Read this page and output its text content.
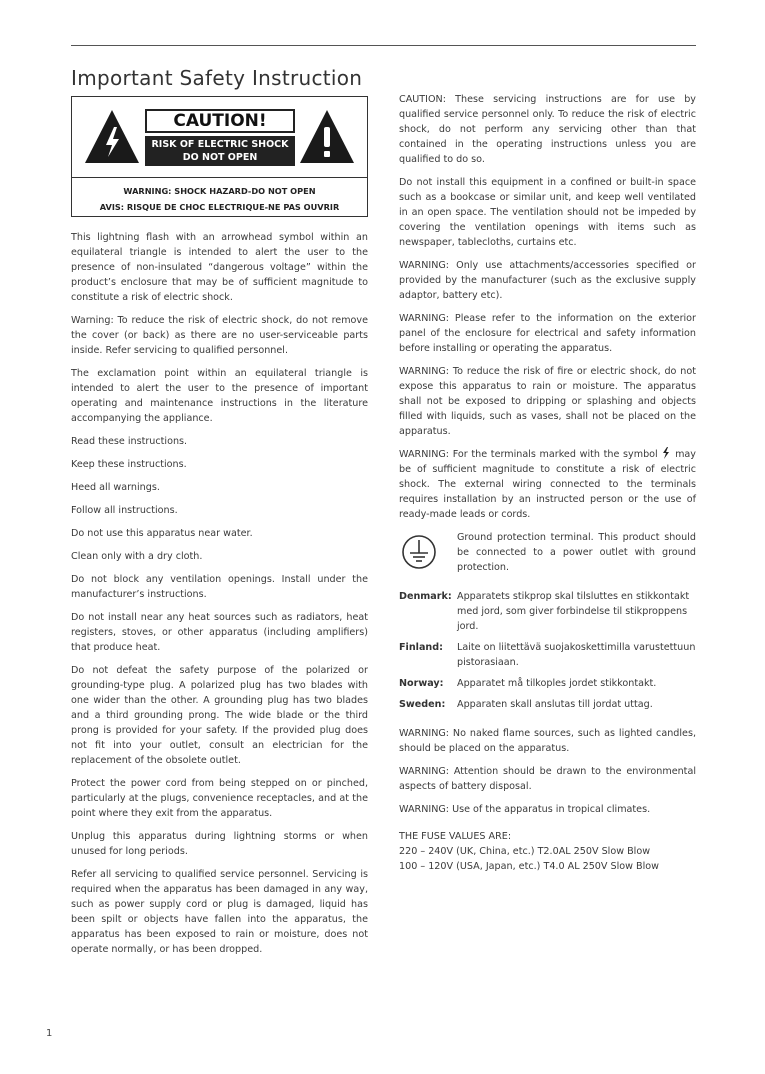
Important Safety Instruction
CAUTION!
RISK OF ELECTRIC SHOCK
DO NOT OPEN
WARNING: SHOCK HAZARD-DO NOT OPEN
AVIS: RISQUE DE CHOC ELECTRIQUE-NE PAS OUVRIR

This lightning flash with an arrowhead symbol within an equilateral triangle is intended to alert the user to the presence of non-insulated “dangerous voltage” within the product’s enclosure that may be of sufficient magnitude to constitute a risk of electric shock.

Warning: To reduce the risk of electric shock, do not remove the cover (or back) as there are no user-serviceable parts inside. Refer servicing to qualified personnel.

The exclamation point within an equilateral triangle is intended to alert the user to the presence of important operating and maintenance instructions in the literature accompanying the appliance.

Read these instructions.

Keep these instructions.

Heed all warnings.

Follow all instructions.

Do not use this apparatus near water.

Clean only with a dry cloth.

Do not block any ventilation openings. Install under the manufacturer’s instructions.

Do not install near any heat sources such as radiators, heat registers, stoves, or other apparatus (including amplifiers) that produce heat.

Do not defeat the safety purpose of the polarized or grounding-type plug. A polarized plug has two blades with one wider than the other. A grounding plug has two blades and a third grounding prong. The wide blade or the third prong is provided for your safety. If the provided plug does not fit into your outlet, consult an electrician for the replacement of the obsolete outlet.

Protect the power cord from being stepped on or pinched, particularly at the plugs, convenience receptacles, and at the point where they exit from the apparatus.

Unplug this apparatus during lightning storms or when unused for long periods.

Refer all servicing to qualified service personnel. Servicing is required when the apparatus has been damaged in any way, such as power supply cord or plug is damaged, liquid has been spilt or objects have fallen into the apparatus, the apparatus has been exposed to rain or moisture, does not operate normally, or has been dropped.

CAUTION: These servicing instructions are for use by qualified service personnel only. To reduce the risk of electric shock, do not perform any servicing other than that contained in the operating instructions unless you are qualified to do so.

Do not install this equipment in a confined or built-in space such as a bookcase or similar unit, and keep well ventilated in an open space. The ventilation should not be impeded by covering the ventilation openings with items such as newspaper, tablecloths, curtains etc.

WARNING: Only use attachments/accessories specified or provided by the manufacturer (such as the exclusive supply adaptor, battery etc).

WARNING: Please refer to the information on the exterior panel of the enclosure for electrical and safety information before installing or operating the apparatus.

WARNING: To reduce the risk of fire or electric shock, do not expose this apparatus to rain or moisture. The apparatus shall not be exposed to dripping or splashing and objects filled with liquids, such as vases, shall not be placed on the apparatus.

WARNING: For the terminals marked with the symbol may be of sufficient magnitude to constitute a risk of electric shock. The external wiring connected to the terminals requires installation by an instructed person or the use of ready-made leads or cords.

Ground protection terminal. This product should be connected to a power outlet with ground protection.
Denmark: Apparatets stikprop skal tilsluttes en stikkontakt med jord, som giver forbindelse til stikproppens jord.
Finland:	Laite on liitettävä suojakoskettimilla varustettuun pistorasiaan.
Norway:	Apparatet må tilkoples jordet stikkontakt.
Sweden:	Apparaten skall anslutas till jordat uttag.

WARNING: No naked flame sources, such as lighted candles, should be placed on the apparatus.

WARNING: Attention should be drawn to the environmental aspects of battery disposal.

WARNING: Use of the apparatus in tropical climates.

THE FUSE VALUES ARE:

220 – 240V (UK, China, etc.) T2.0AL 250V Slow Blow

100 – 120V (USA, Japan, etc.) T4.0 AL 250V Slow Blow

1
